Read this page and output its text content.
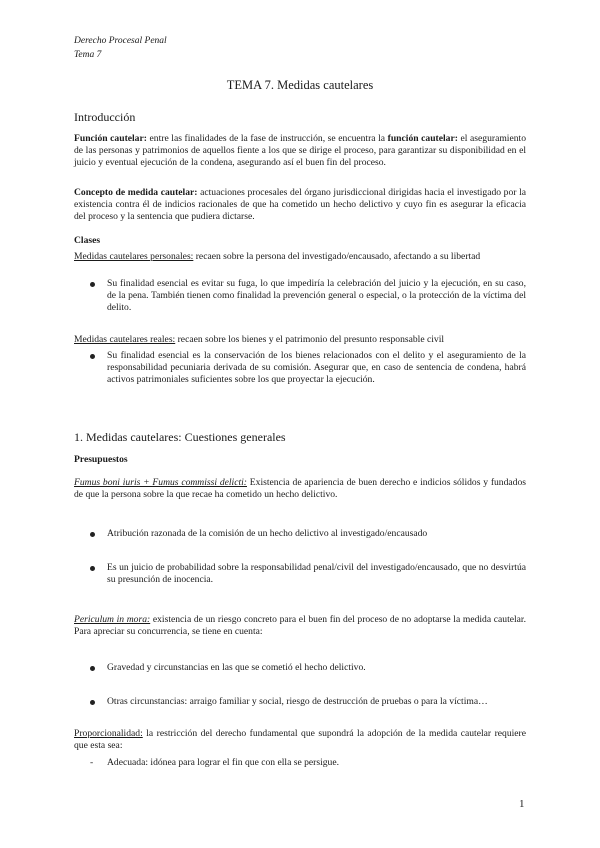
Derecho Procesal Penal
Tema 7
TEMA 7. Medidas cautelares
Introducción
Función cautelar: entre las finalidades de la fase de instrucción, se encuentra la función cautelar: el aseguramiento de las personas y patrimonios de aquellos fiente a los que se dirige el proceso, para garantizar su disponibilidad en el juicio y eventual ejecución de la condena, asegurando así el buen fin del proceso.
Concepto de medida cautelar: actuaciones procesales del órgano jurisdiccional dirigidas hacia el investigado por la existencia contra él de indicios racionales de que ha cometido un hecho delictivo y cuyo fin es asegurar la eficacia del proceso y la sentencia que pudiera dictarse.
Clases
Medidas cautelares personales: recaen sobre la persona del investigado/encausado, afectando a su libertad
Su finalidad esencial es evitar su fuga, lo que impediría la celebración del juicio y la ejecución, en su caso, de la pena. También tienen como finalidad la prevención general o especial, o la protección de la víctima del delito.
Medidas cautelares reales: recaen sobre los bienes y el patrimonio del presunto responsable civil
Su finalidad esencial es la conservación de los bienes relacionados con el delito y el aseguramiento de la responsabilidad pecuniaria derivada de su comisión. Asegurar que, en caso de sentencia de condena, habrá activos patrimoniales suficientes sobre los que proyectar la ejecución.
1. Medidas cautelares: Cuestiones generales
Presupuestos
Fumus boni iuris + Fumus commissi delicti: Existencia de apariencia de buen derecho e indicios sólidos y fundados de que la persona sobre la que recae ha cometido un hecho delictivo.
Atribución razonada de la comisión de un hecho delictivo al investigado/encausado
Es un juicio de probabilidad sobre la responsabilidad penal/civil del investigado/encausado, que no desvirtúa su presunción de inocencia.
Periculum in mora: existencia de un riesgo concreto para el buen fin del proceso de no adoptarse la medida cautelar. Para apreciar su concurrencia, se tiene en cuenta:
Gravedad y circunstancias en las que se cometió el hecho delictivo.
Otras circunstancias: arraigo familiar y social, riesgo de destrucción de pruebas o para la víctima…
Proporcionalidad: la restricción del derecho fundamental que supondrá la adopción de la medida cautelar requiere que esta sea:
- Adecuada: idónea para lograr el fin que con ella se persigue.
1
